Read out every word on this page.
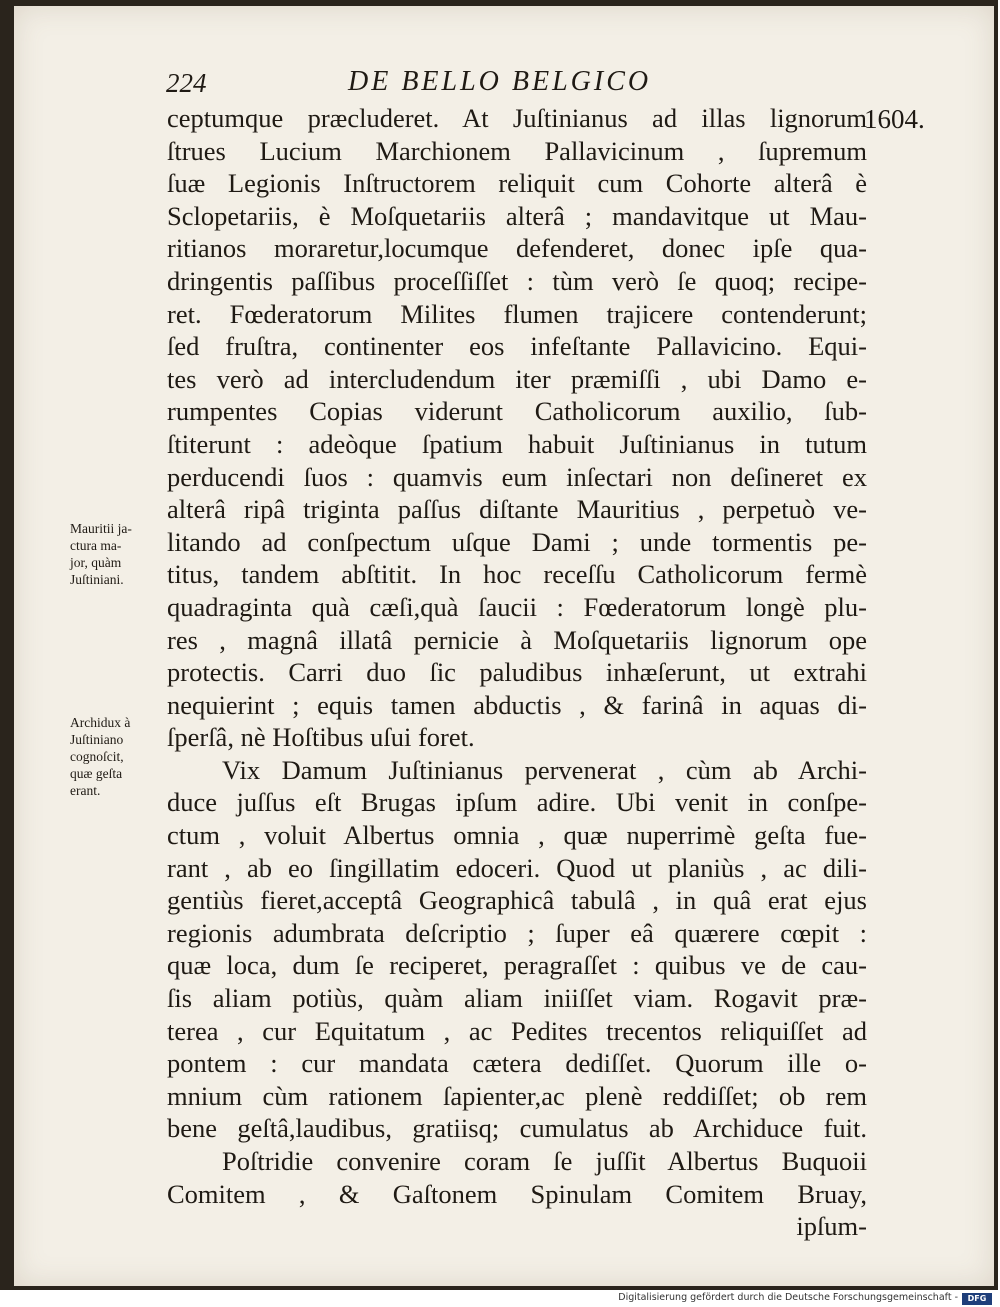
224	DE BELLO BELGICO
1604.
ceptumque præcluderet. At Juſtinianus ad illas lignorum
ſtrues Lucium Marchionem Pallavicinum , ſupremum
ſuæ Legionis Inſtructorem reliquit cum Cohorte alterâ è
Sclopetariis, è Moſquetariis alterâ ; mandavitque ut Mau-
ritianos moraretur,locumque defenderet, donec ipſe qua-
dringentis paſſibus proceſſiſſet : tùm verò ſe quoq; recipe-
ret. Fœderatorum Milites flumen trajicere contenderunt;
ſed fruſtra, continenter eos infeſtante Pallavicino. Equi-
tes verò ad intercludendum iter præmiſſi , ubi Damo e-
rumpentes Copias viderunt Catholicorum auxilio, ſub-
ſtiterunt : adeòque ſpatium habuit Juſtinianus in tutum
perducendi ſuos : quamvis eum inſectari non deſineret ex
alterâ ripâ triginta paſſus diſtante Mauritius , perpetuò ve-
litando ad conſpectum uſque Dami ; unde tormentis pe-
titus, tandem abſtitit. In hoc receſſu Catholicorum fermè
quadraginta quà cæſi,quà ſaucii : Fœderatorum longè plu-
res , magnâ illatâ pernicie à Moſquetariis lignorum ope
protectis. Carri duo ſic paludibus inhæſerunt, ut extrahi
nequierint ; equis tamen abductis , & farinâ in aquas di-
ſperſâ, nè Hoſtibus uſui foret.
Vix Damum Juſtinianus pervenerat , cùm ab Archi-
duce juſſus eſt Brugas ipſum adire. Ubi venit in conſpe-
ctum , voluit Albertus omnia , quæ nuperrimè geſta fue-
rant , ab eo ſingillatim edoceri. Quod ut planiùs , ac dili-
gentiùs fieret,acceptâ Geographicâ tabulâ , in quâ erat ejus
regionis adumbrata deſcriptio ; ſuper eâ quærere cœpit :
quæ loca, dum ſe reciperet, peragraſſet : quibus ve de cau-
ſis aliam potiùs, quàm aliam iniiſſet viam. Rogavit præ-
terea , cur Equitatum , ac Pedites trecentos reliquiſſet ad
pontem : cur mandata cætera dediſſet. Quorum ille o-
mnium cùm rationem ſapienter,ac plenè reddiſſet; ob rem
bene geſtâ,laudibus, gratiisq; cumulatus ab Archiduce fuit.
Poſtridie convenire coram ſe juſſit Albertus Buquoii
Comitem , & Gaſtonem Spinulam Comitem Bruay,
ipſum-
Mauritii ja-
ctura ma-
jor, quàm
Juſtiniani.
Archidux à
Juſtiniano
cognoſcit,
quæ geſta
erant.
Digitalisierung gefördert durch die Deutsche Forschungsgemeinschaft -	DFG
